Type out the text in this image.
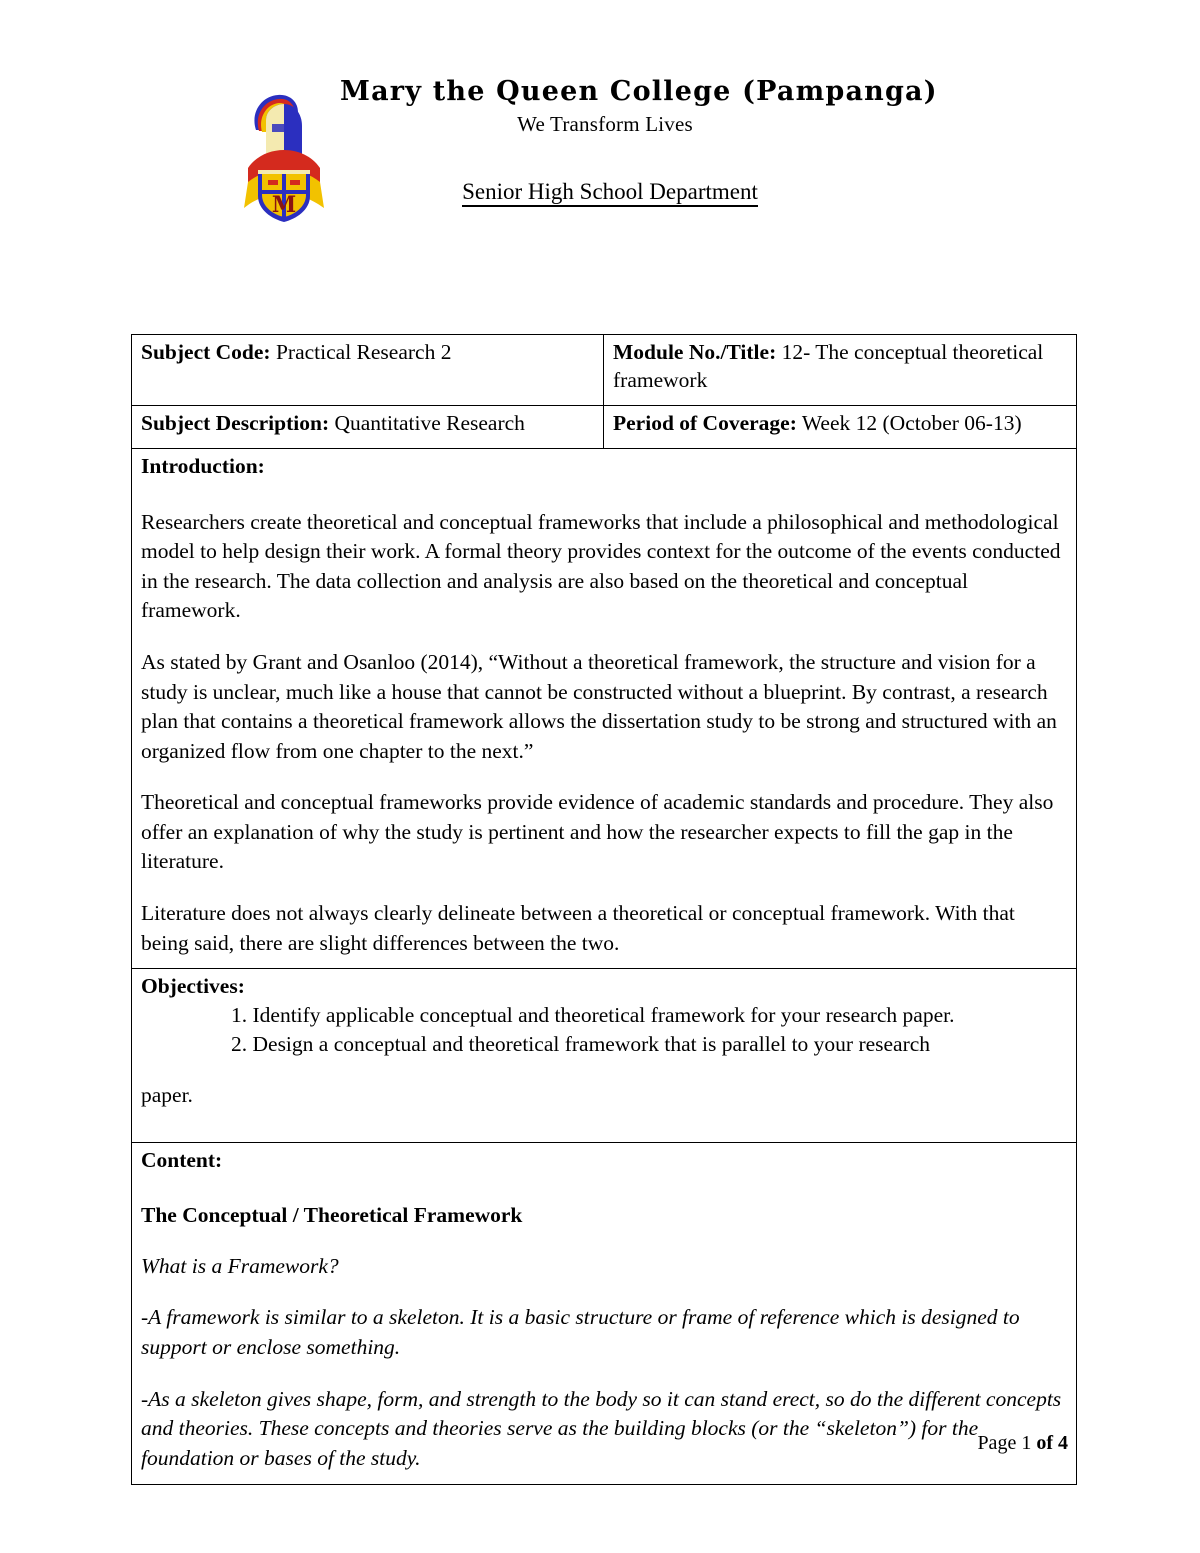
M
Mary the Queen College (Pampanga)
We Transform Lives
Senior High School Department
Subject Code: Practical Research 2	Module No./Title: 12- The conceptual theoretical framework
Subject Description: Quantitative Research	Period of Coverage: Week 12 (October 06-13)

Introduction:

Researchers create theoretical and conceptual frameworks that include a philosophical and methodological model to help design their work. A formal theory provides context for the outcome of the events conducted in the research. The data collection and analysis are also based on the theoretical and conceptual framework.

As stated by Grant and Osanloo (2014), “Without a theoretical framework, the structure and vision for a study is unclear, much like a house that cannot be constructed without a blueprint. By contrast, a research plan that contains a theoretical framework allows the dissertation study to be strong and structured with an organized flow from one chapter to the next.”

Theoretical and conceptual frameworks provide evidence of academic standards and procedure. They also offer an explanation of why the study is pertinent and how the researcher expects to fill the gap in the literature.

Literature does not always clearly delineate between a theoretical or conceptual framework. With that being said, there are slight differences between the two.	

Objectives:

1. Identify applicable conceptual and theoretical framework for your research paper.

2. Design a conceptual and theoretical framework that is parallel to your research

paper.	

Content:

The Conceptual / Theoretical Framework

What is a Framework?

-A framework is similar to a skeleton. It is a basic structure or frame of reference which is designed to support or enclose something.

-As a skeleton gives shape, form, and strength to the body so it can stand erect, so do the different concepts and theories. These concepts and theories serve as the building blocks (or the “skeleton”) for the foundation or bases of the study.	

Page 1 of 4
